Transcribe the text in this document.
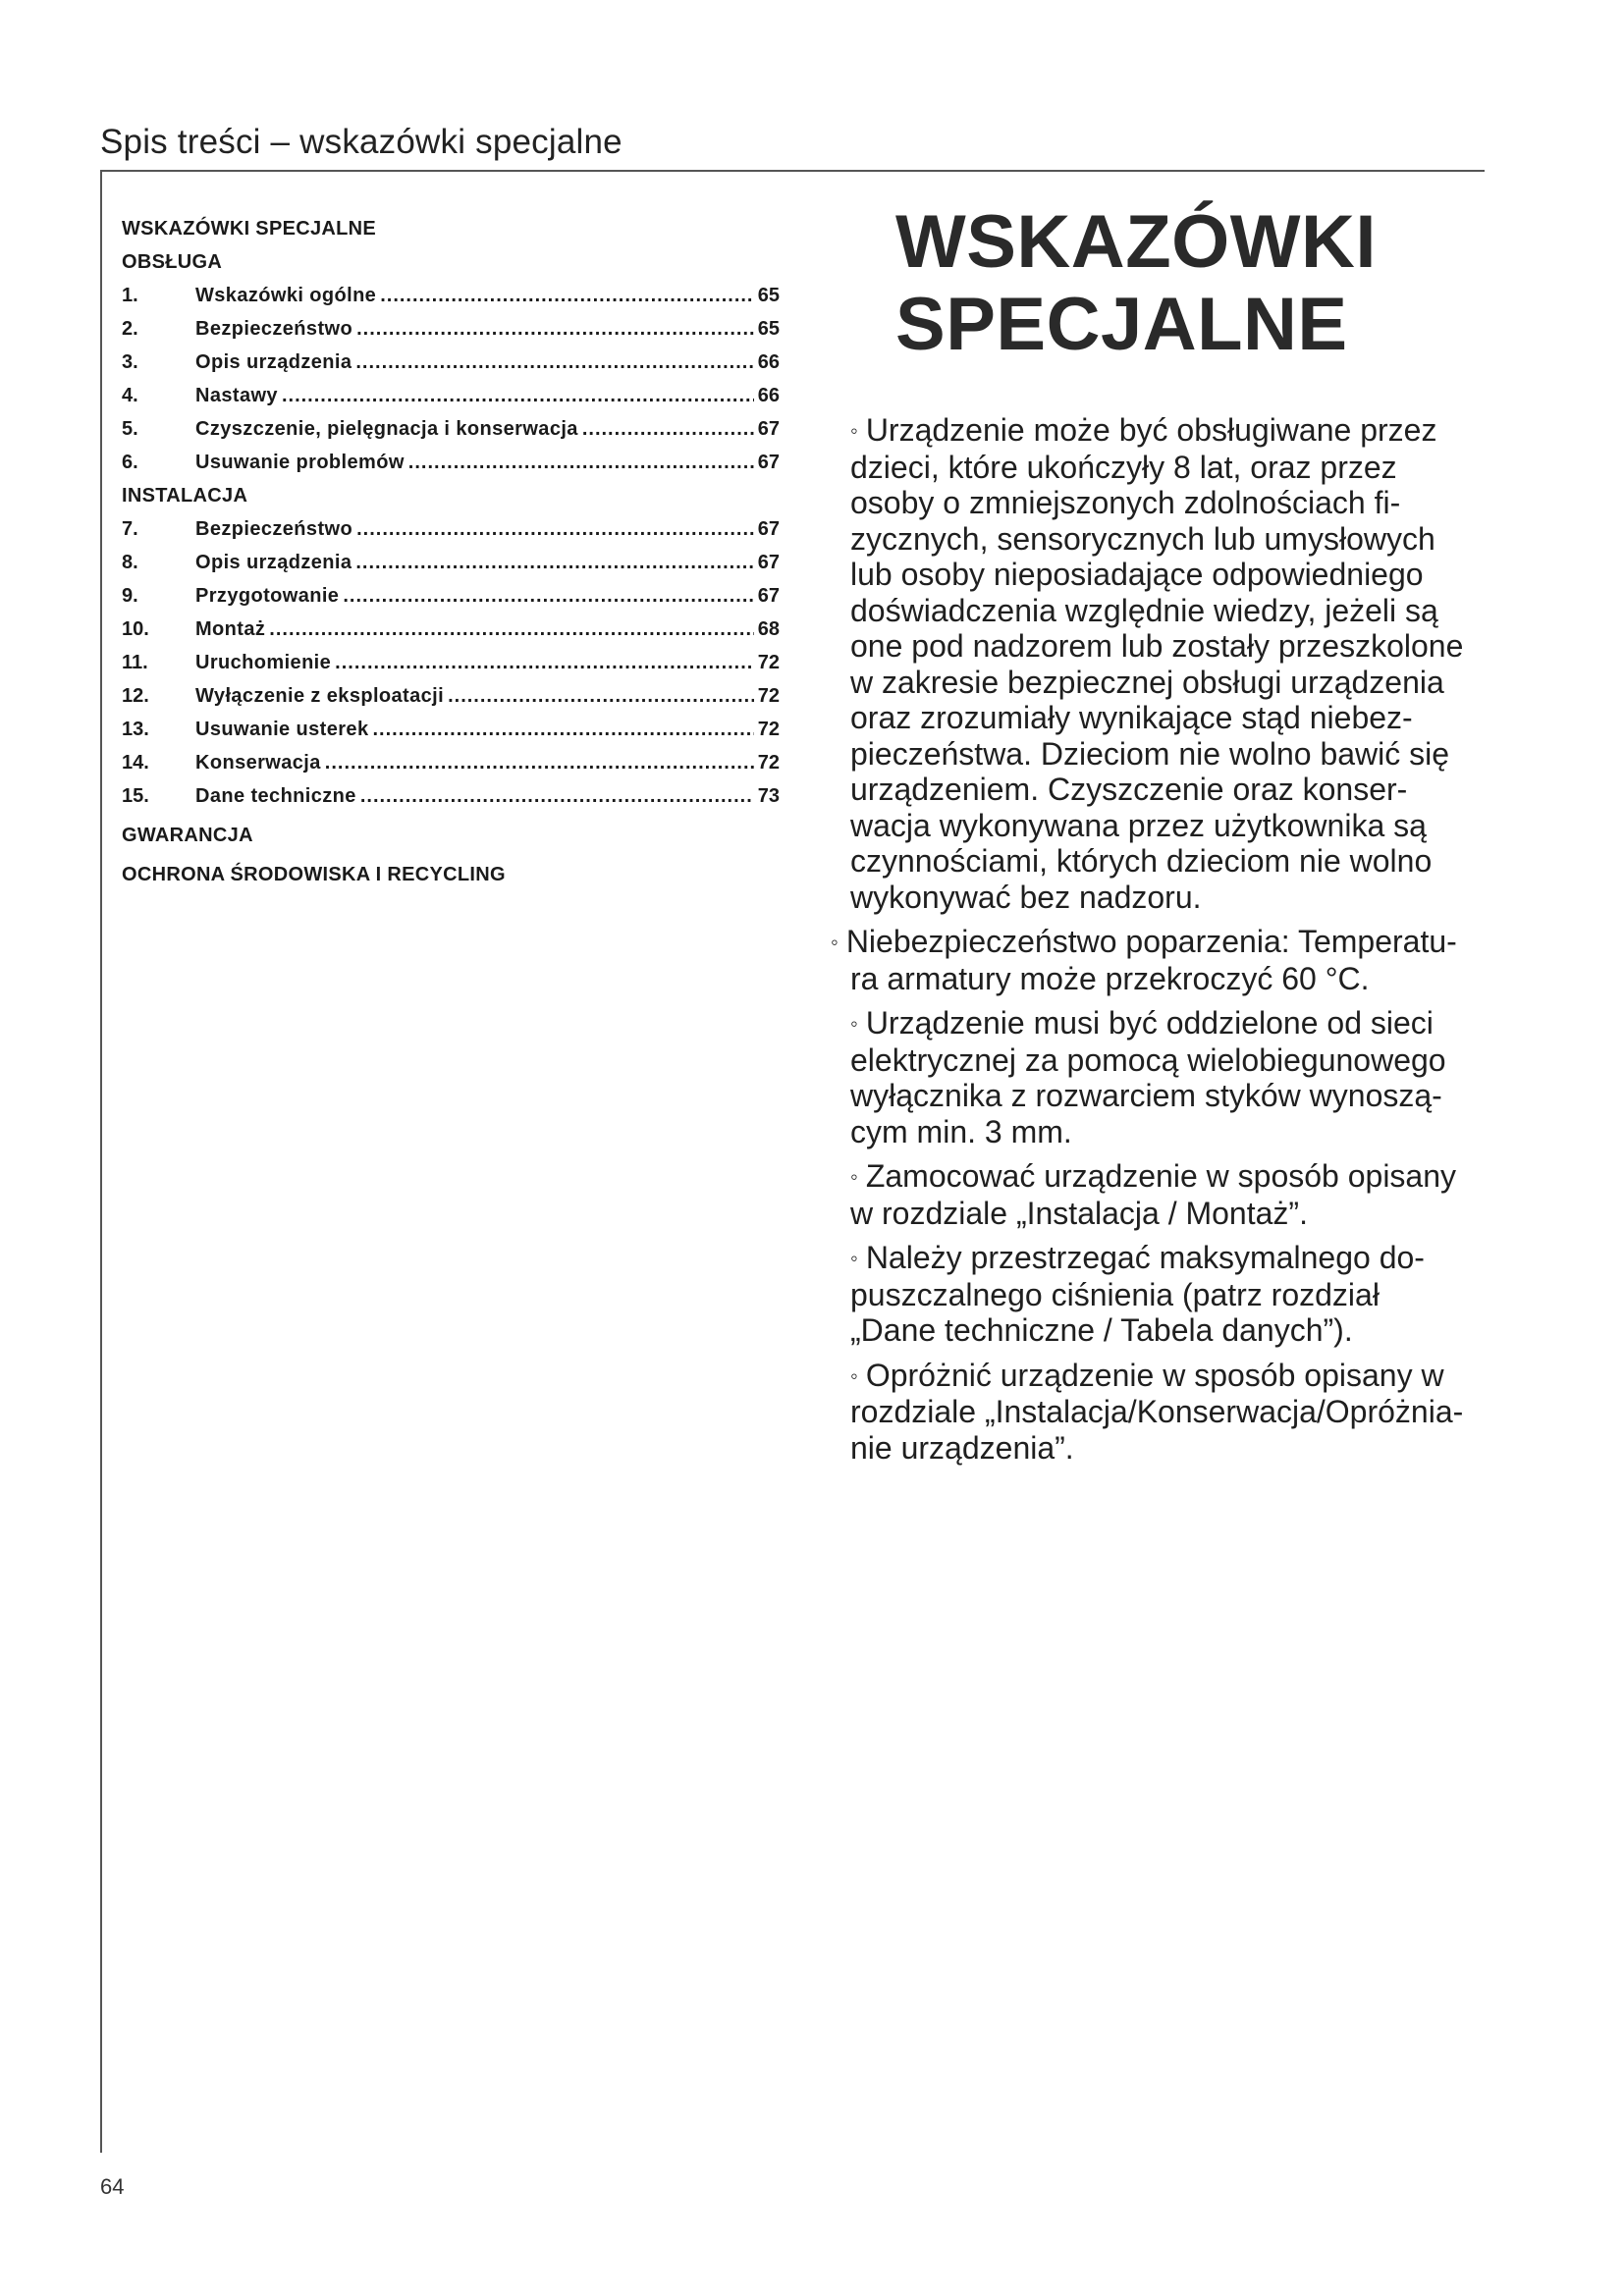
Spis treści – wskazówki specjalne
WSKAZÓWKI SPECJALNE
OBSŁUGA
1.	Wskazówki ogólne .....	65
2.	Bezpieczeństwo .....	65
3.	Opis urządzenia .....	66
4.	Nastawy .....	66
5.	Czyszczenie, pielęgnacja i konserwacja .....	67
6.	Usuwanie problemów .....	67
INSTALACJA
7.	Bezpieczeństwo .....	67
8.	Opis urządzenia .....	67
9.	Przygotowanie .....	67
10.	Montaż .....	68
11.	Uruchomienie .....	72
12.	Wyłączenie z eksploatacji .....	72
13.	Usuwanie usterek .....	72
14.	Konserwacja .....	72
15.	Dane techniczne .....	73
GWARANCJA
OCHRONA ŚRODOWISKA I RECYCLING
WSKAZÓWKI
SPECJALNE
◦ Urządzenie może być obsługiwane przez
dzieci, które ukończyły 8 lat, oraz przez
osoby o zmniejszonych zdolnościach fi-
zycznych, sensorycznych lub umysłowych
lub osoby nieposiadające odpowiedniego
doświadczenia względnie wiedzy, jeżeli są
one pod nadzorem lub zostały przeszkolone
w zakresie bezpiecznej obsługi urządzenia
oraz zrozumiały wynikające stąd niebez-
pieczeństwa. Dzieciom nie wolno bawić się
urządzeniem. Czyszczenie oraz konser-
wacja wykonywana przez użytkownika są
czynnościami, których dzieciom nie wolno
wykonywać bez nadzoru.
◦ Niebezpieczeństwo poparzenia: Temperatu-
ra armatury może przekroczyć 60 °C.
◦ Urządzenie musi być oddzielone od sieci
elektrycznej za pomocą wielobiegunowego
wyłącznika z rozwarciem styków wynoszą-
cym min. 3 mm.
◦ Zamocować urządzenie w sposób opisany
w rozdziale „Instalacja / Montaż”.
◦ Należy przestrzegać maksymalnego do-
puszczalnego ciśnienia (patrz rozdział
„Dane techniczne / Tabela danych”).
◦ Opróżnić urządzenie w sposób opisany w
rozdziale „Instalacja/Konserwacja/Opróżnia-
nie urządzenia”.
64
